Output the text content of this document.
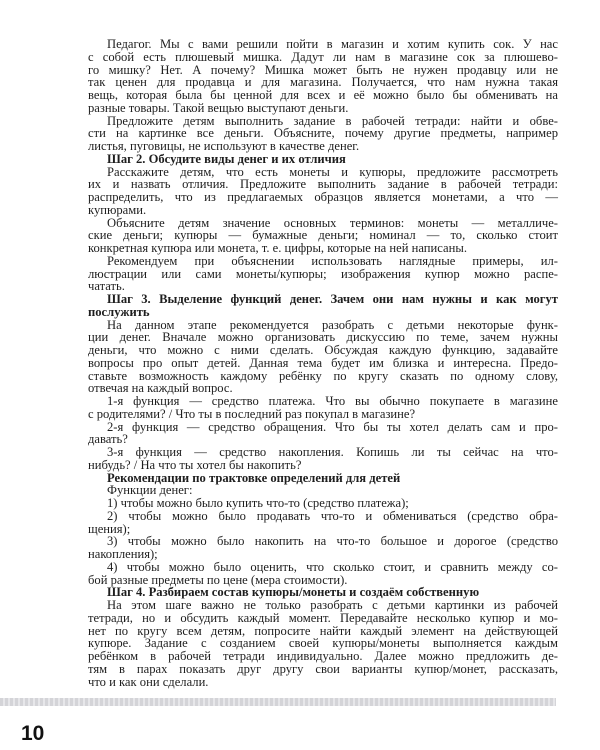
Педагог. Мы с вами решили пойти в магазин и хотим купить сок. У нас
с собой есть плюшевый мишка. Дадут ли нам в магазине сок за плюшево-
го мишку? Нет. А почему? Мишка может быть не нужен продавцу или не
так ценен для продавца и для магазина. Получается, что нам нужна такая
вещь, которая была бы ценной для всех и её можно было бы обменивать на
разные товары. Такой вещью выступают деньги.
Предложите детям выполнить задание в рабочей тетради: найти и обве-
сти на картинке все деньги. Объясните, почему другие предметы, например
листья, пуговицы, не используют в качестве денег.
Шаг 2. Обсудите виды денег и их отличия
Расскажите детям, что есть монеты и купюры, предложите рассмотреть
их и назвать отличия. Предложите выполнить задание в рабочей тетради:
распределить, что из предлагаемых образцов является монетами, а что —
купюрами.
Объясните детям значение основных терминов: монеты — металличе-
ские деньги; купюры — бумажные деньги; номинал — то, сколько стоит
конкретная купюра или монета, т. е. цифры, которые на ней написаны.
Рекомендуем при объяснении использовать наглядные примеры, ил-
люстрации или сами монеты/купюры; изображения купюр можно распе-
чатать.
Шаг 3. Выделение функций денег. Зачем они нам нужны и как могут
послужить
На данном этапе рекомендуется разобрать с детьми некоторые функ-
ции денег. Вначале можно организовать дискуссию по теме, зачем нужны
деньги, что можно с ними сделать. Обсуждая каждую функцию, задавайте
вопросы про опыт детей. Данная тема будет им близка и интересна. Предо-
ставьте возможность каждому ребёнку по кругу сказать по одному слову,
отвечая на каждый вопрос.
1-я функция — средство платежа. Что вы обычно покупаете в магазине
с родителями? / Что ты в последний раз покупал в магазине?
2-я функция — средство обращения. Что бы ты хотел делать сам и про-
давать?
3-я функция — средство накопления. Копишь ли ты сейчас на что-
нибудь? / На что ты хотел бы накопить?
Рекомендации по трактовке определений для детей
Функции денег:
1) чтобы можно было купить что-то (средство платежа);
2) чтобы можно было продавать что-то и обмениваться (средство обра-
щения);
3) чтобы можно было накопить на что-то большое и дорогое (средство
накопления);
4) чтобы можно было оценить, что сколько стоит, и сравнить между со-
бой разные предметы по цене (мера стоимости).
Шаг 4. Разбираем состав купюры/монеты и создаём собственную
На этом шаге важно не только разобрать с детьми картинки из рабочей
тетради, но и обсудить каждый момент. Передавайте несколько купюр и мо-
нет по кругу всем детям, попросите найти каждый элемент на действующей
купюре. Задание с созданием своей купюры/монеты выполняется каждым
ребёнком в рабочей тетради индивидуально. Далее можно предложить де-
тям в парах показать друг другу свои варианты купюр/монет, рассказать,
что и как они сделали.
10
